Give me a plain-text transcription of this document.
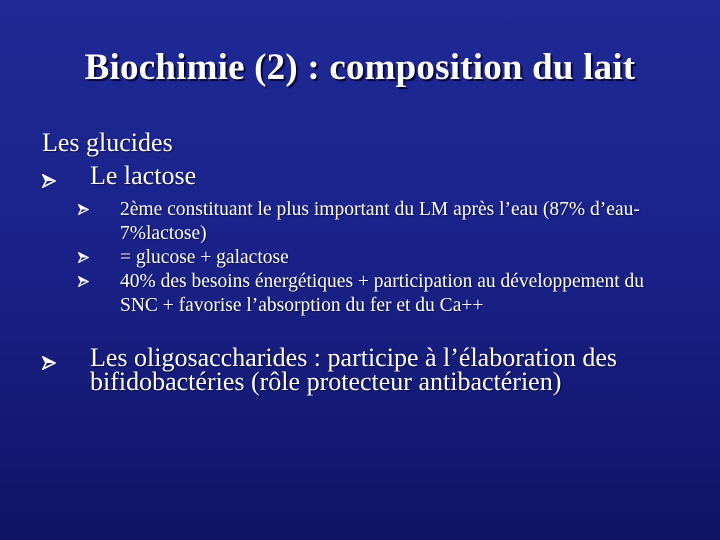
Biochimie (2) : composition du lait
Les glucides
Le lactose
2ème constituant le plus important du LM après l’eau (87% d’eau- 7%lactose)
= glucose + galactose
40% des besoins énergétiques + participation au développement du SNC + favorise l’absorption du fer et du Ca++
Les oligosaccharides : participe à l’élaboration des bifidobactéries (rôle protecteur antibactérien)
